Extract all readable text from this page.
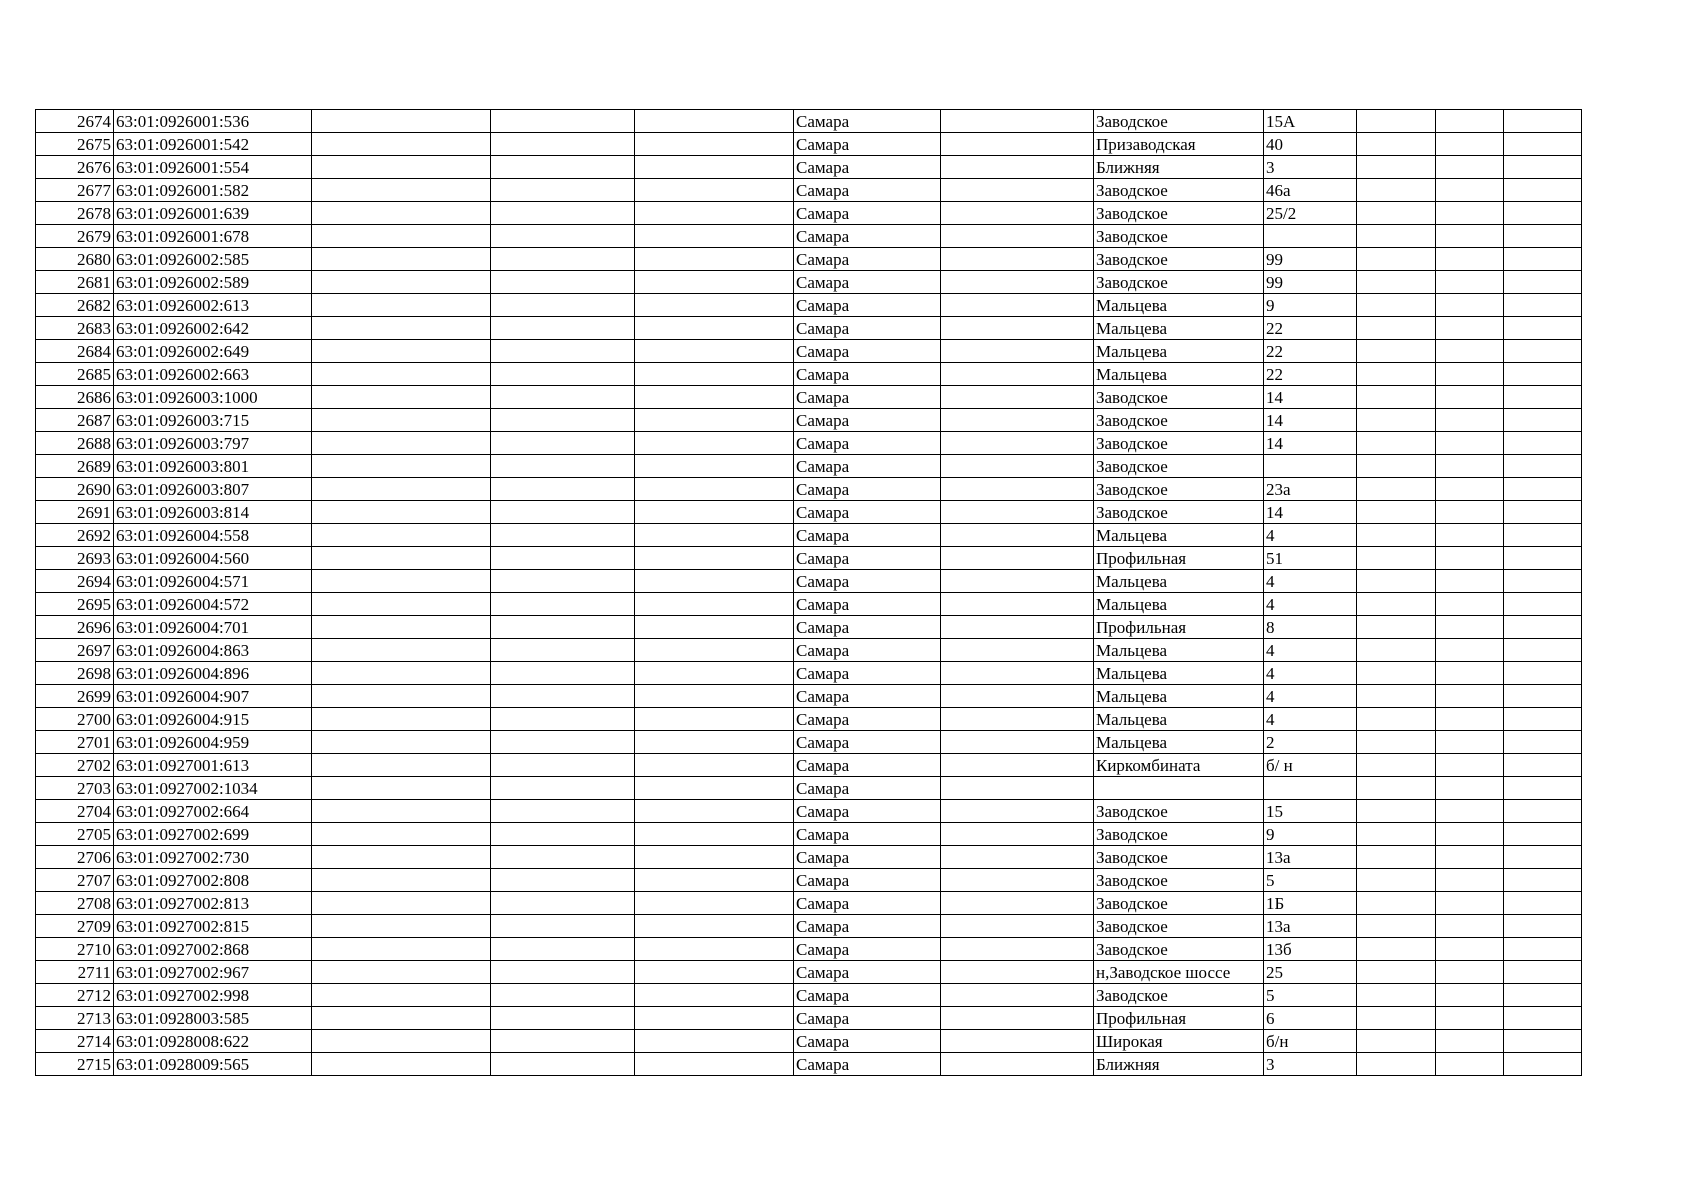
2674	63:01:0926001:536				Самара		Заводское	15А			
2675	63:01:0926001:542				Самара		Призаводская	40			
2676	63:01:0926001:554				Самара		Ближняя	3			
2677	63:01:0926001:582				Самара		Заводское	46а			
2678	63:01:0926001:639				Самара		Заводское	25/2			
2679	63:01:0926001:678				Самара		Заводское				
2680	63:01:0926002:585				Самара		Заводское	99			
2681	63:01:0926002:589				Самара		Заводское	99			
2682	63:01:0926002:613				Самара		Мальцева	9			
2683	63:01:0926002:642				Самара		Мальцева	22			
2684	63:01:0926002:649				Самара		Мальцева	22			
2685	63:01:0926002:663				Самара		Мальцева	22			
2686	63:01:0926003:1000				Самара		Заводское	14			
2687	63:01:0926003:715				Самара		Заводское	14			
2688	63:01:0926003:797				Самара		Заводское	14			
2689	63:01:0926003:801				Самара		Заводское				
2690	63:01:0926003:807				Самара		Заводское	23а			
2691	63:01:0926003:814				Самара		Заводское	14			
2692	63:01:0926004:558				Самара		Мальцева	4			
2693	63:01:0926004:560				Самара		Профильная	51			
2694	63:01:0926004:571				Самара		Мальцева	4			
2695	63:01:0926004:572				Самара		Мальцева	4			
2696	63:01:0926004:701				Самара		Профильная	8			
2697	63:01:0926004:863				Самара		Мальцева	4			
2698	63:01:0926004:896				Самара		Мальцева	4			
2699	63:01:0926004:907				Самара		Мальцева	4			
2700	63:01:0926004:915				Самара		Мальцева	4			
2701	63:01:0926004:959				Самара		Мальцева	2			
2702	63:01:0927001:613				Самара		Киркомбината	б/ н			
2703	63:01:0927002:1034				Самара						
2704	63:01:0927002:664				Самара		Заводское	15			
2705	63:01:0927002:699				Самара		Заводское	9			
2706	63:01:0927002:730				Самара		Заводское	13а			
2707	63:01:0927002:808				Самара		Заводское	5			
2708	63:01:0927002:813				Самара		Заводское	1Б			
2709	63:01:0927002:815				Самара		Заводское	13а			
2710	63:01:0927002:868				Самара		Заводское	13б			
2711	63:01:0927002:967				Самара		н,Заводское шоссе	25			
2712	63:01:0927002:998				Самара		Заводское	5			
2713	63:01:0928003:585				Самара		Профильная	6			
2714	63:01:0928008:622				Самара		Широкая	б/н			
2715	63:01:0928009:565				Самара		Ближняя	3			
